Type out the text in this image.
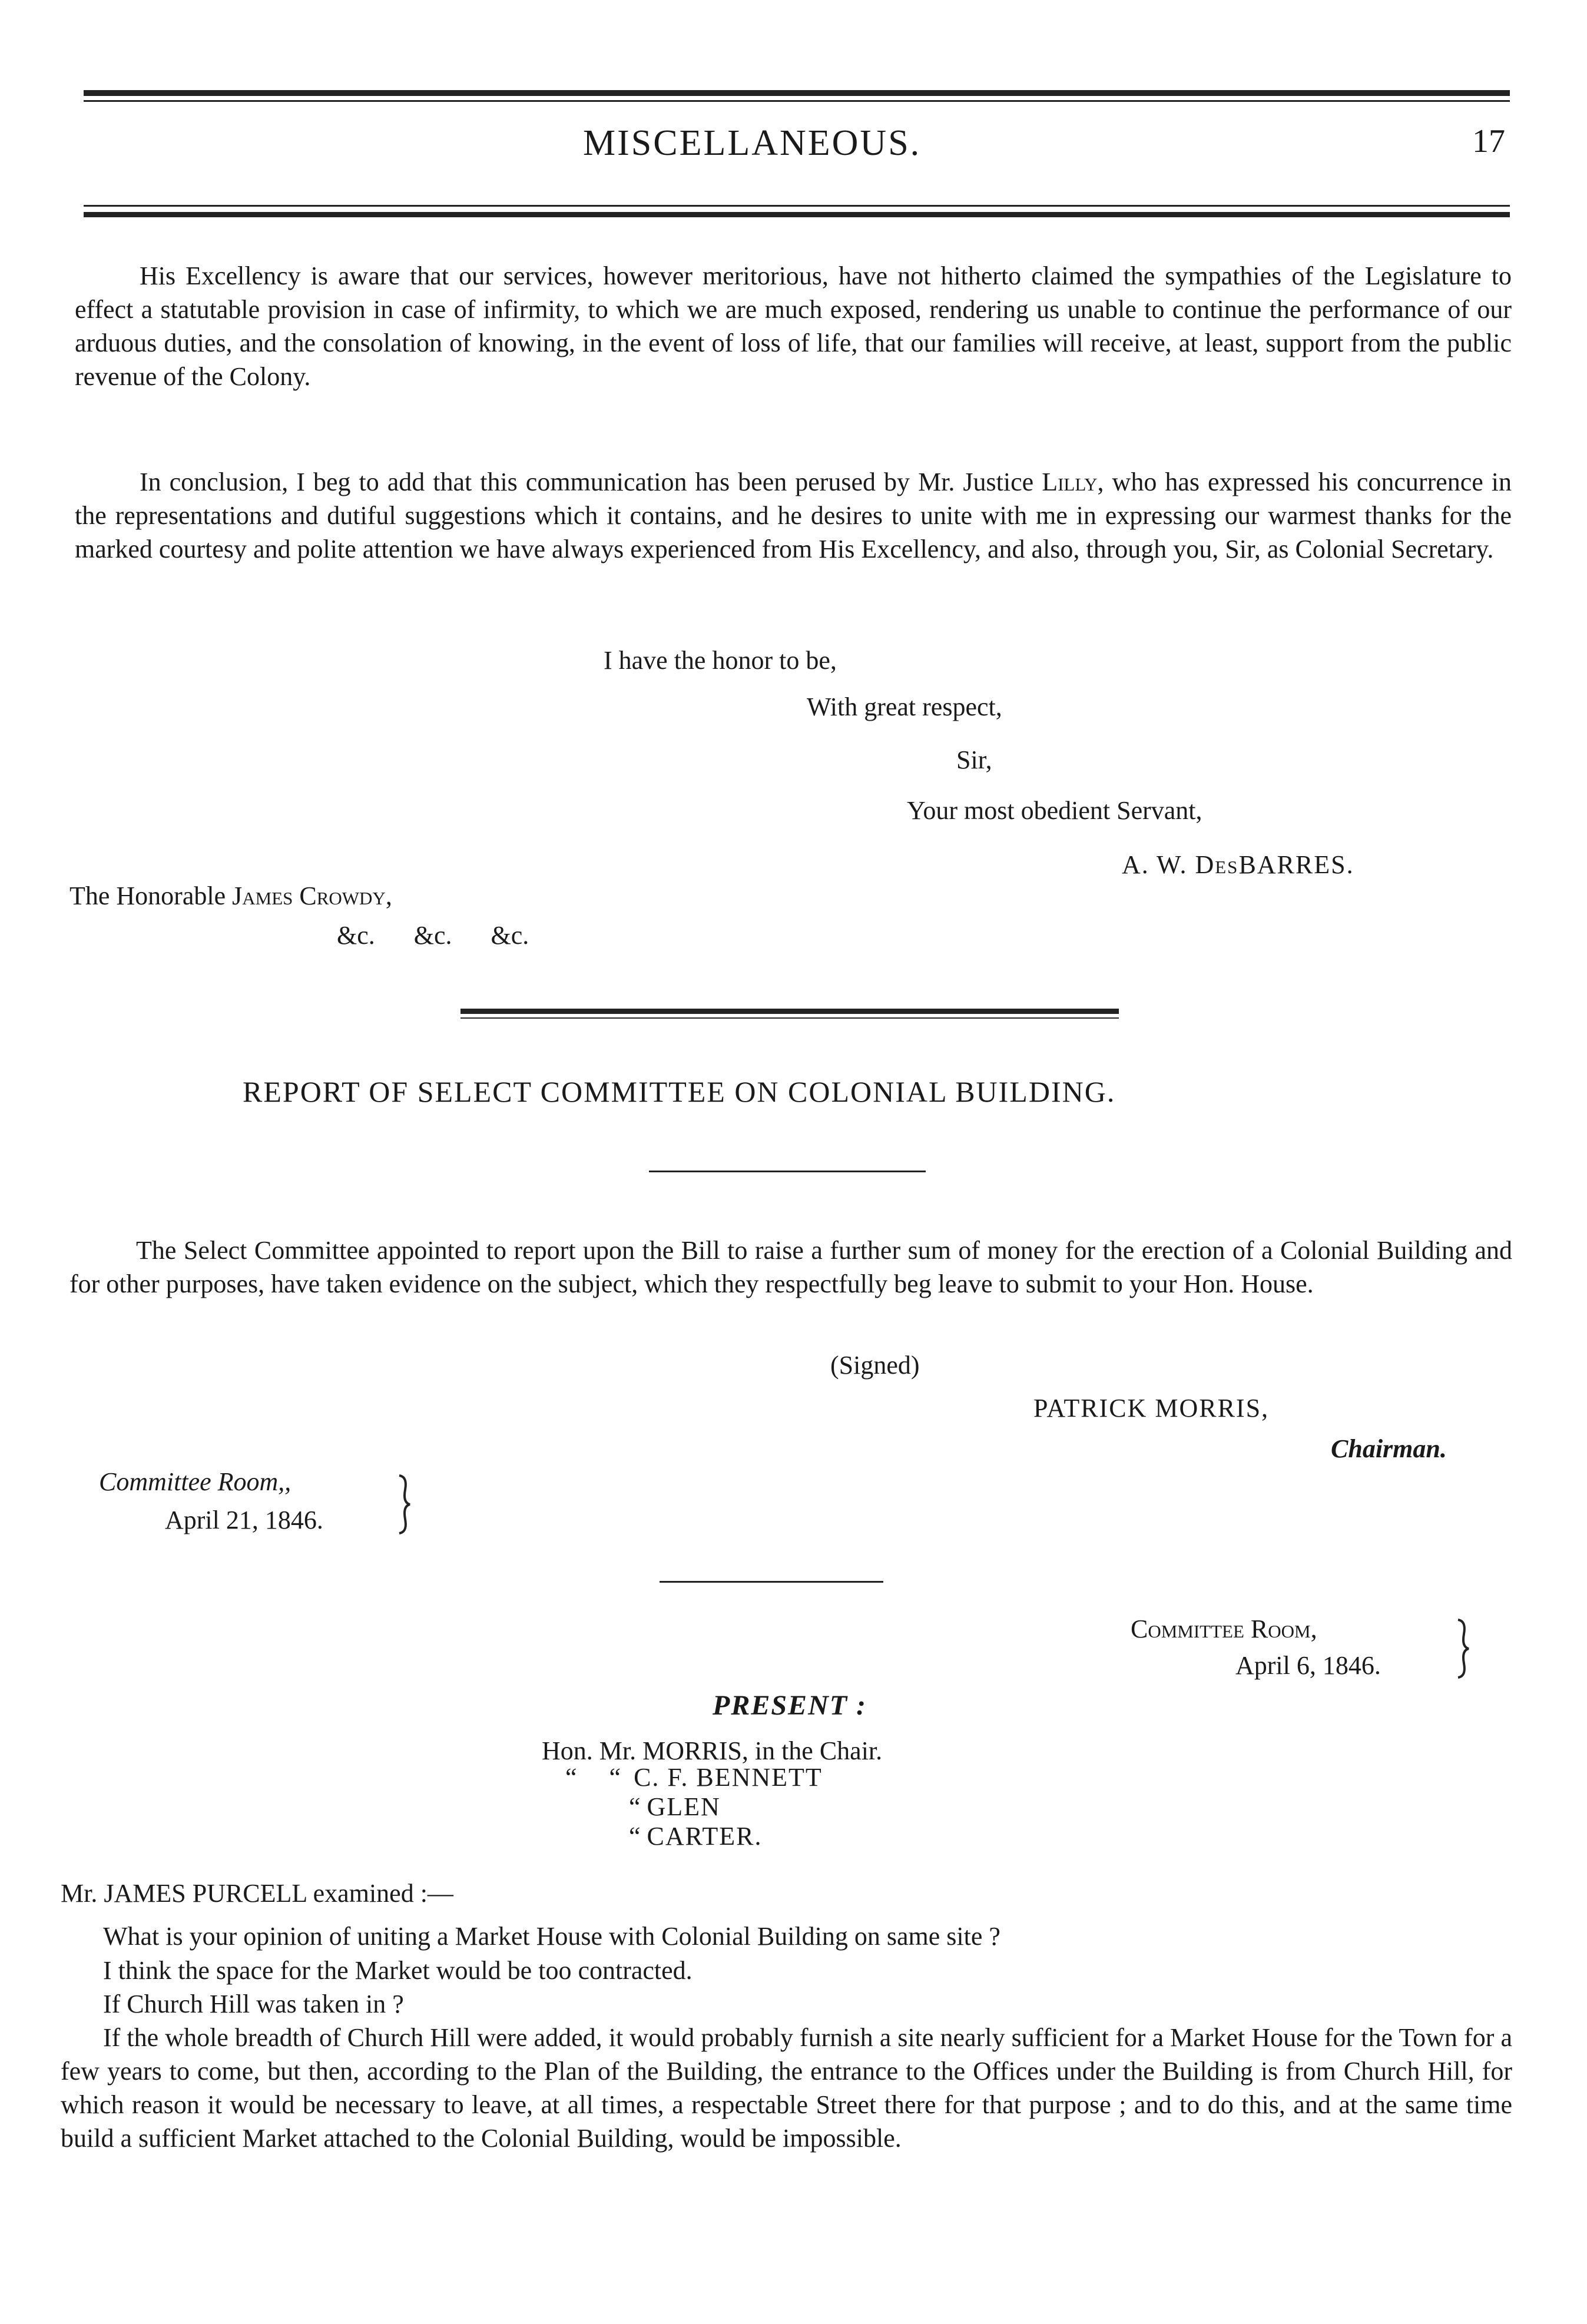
MISCELLANEOUS.	17
His Excellency is aware that our services, however meritorious, have not hitherto claimed the sympathies of the Legislature to effect a statutable provision in case of infirmity, to which we are much exposed, rendering us unable to continue the performance of our arduous duties, and the consolation of knowing, in the event of loss of life, that our families will receive, at least, support from the public revenue of the Colony.
In conclusion, I beg to add that this communication has been perused by Mr. Justice Lilly, who has expressed his concurrence in the representations and dutiful suggestions which it contains, and he desires to unite with me in expressing our warmest thanks for the marked courtesy and polite attention we have always experienced from His Excellency, and also, through you, Sir, as Colonial Secretary.
I have the honor to be,
With great respect,
Sir,
Your most obedient Servant,
A. W. DesBARRES.
The Honorable James Crowdy,
&c.      &c.      &c.
REPORT OF SELECT COMMITTEE ON COLONIAL BUILDING.
The Select Committee appointed to report upon the Bill to raise a further sum of money for the erection of a Colonial Building and for other purposes, have taken evidence on the subject, which they respectfully beg leave to submit to your Hon. House.
(Signed)
PATRICK MORRIS,
Chairman.
Committee Room,,
April 21, 1846.
Committee Room,
April 6, 1846.
PRESENT :
Hon. Mr. MORRIS, in the Chair.
“     “ C. F. BENNETT
“ GLEN
“ CARTER.
Mr. JAMES PURCELL examined :—
What is your opinion of uniting a Market House with Colonial Building on same site ?
I think the space for the Market would be too contracted.
If Church Hill was taken in ?
If the whole breadth of Church Hill were added, it would probably furnish a site nearly sufficient for a Market House for the Town for a few years to come, but then, according to the Plan of the Building, the entrance to the Offices under the Building is from Church Hill, for which reason it would be necessary to leave, at all times, a respectable Street there for that purpose ; and to do this, and at the same time build a sufficient Market attached to the Colonial Building, would be impossible.
